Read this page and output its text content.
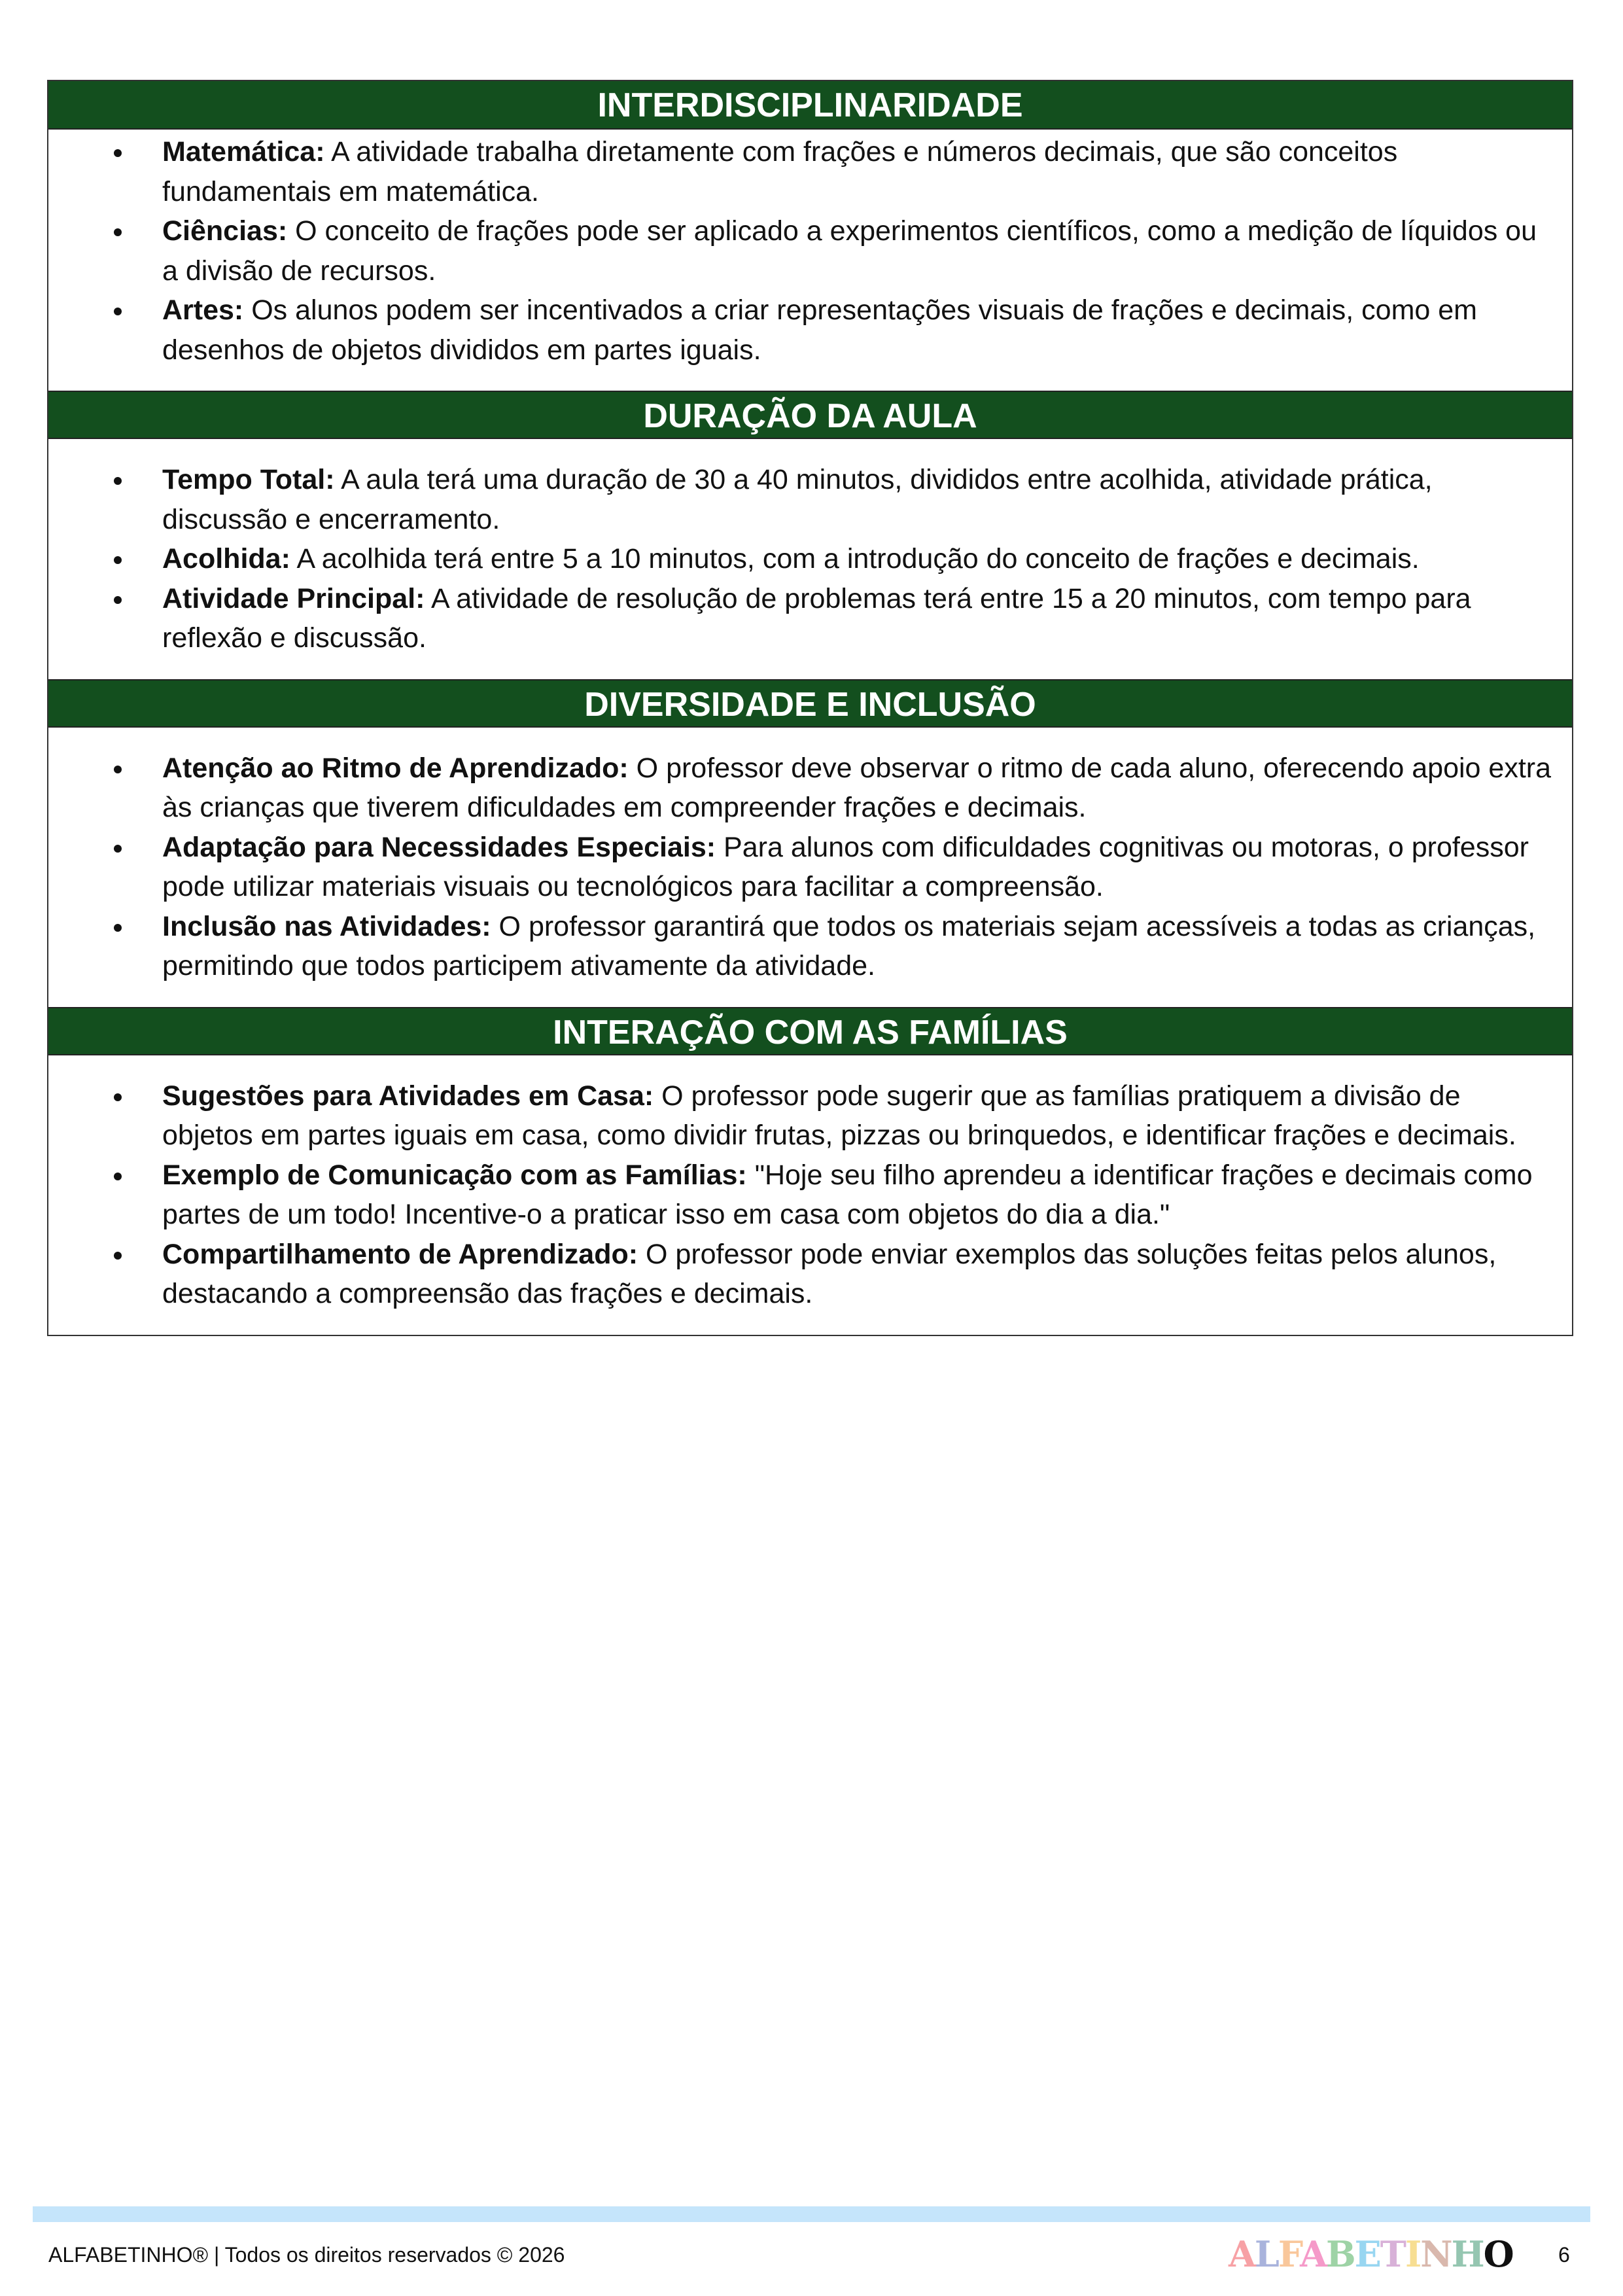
INTERDISCIPLINARIDADE
Matemática: A atividade trabalha diretamente com frações e números decimais, que são conceitos fundamentais em matemática.
Ciências: O conceito de frações pode ser aplicado a experimentos científicos, como a medição de líquidos ou a divisão de recursos.
Artes: Os alunos podem ser incentivados a criar representações visuais de frações e decimais, como em desenhos de objetos divididos em partes iguais.
DURAÇÃO DA AULA
Tempo Total: A aula terá uma duração de 30 a 40 minutos, divididos entre acolhida, atividade prática, discussão e encerramento.
Acolhida: A acolhida terá entre 5 a 10 minutos, com a introdução do conceito de frações e decimais.
Atividade Principal: A atividade de resolução de problemas terá entre 15 a 20 minutos, com tempo para reflexão e discussão.
DIVERSIDADE E INCLUSÃO
Atenção ao Ritmo de Aprendizado: O professor deve observar o ritmo de cada aluno, oferecendo apoio extra às crianças que tiverem dificuldades em compreender frações e decimais.
Adaptação para Necessidades Especiais: Para alunos com dificuldades cognitivas ou motoras, o professor pode utilizar materiais visuais ou tecnológicos para facilitar a compreensão.
Inclusão nas Atividades: O professor garantirá que todos os materiais sejam acessíveis a todas as crianças, permitindo que todos participem ativamente da atividade.
INTERAÇÃO COM AS FAMÍLIAS
Sugestões para Atividades em Casa: O professor pode sugerir que as famílias pratiquem a divisão de objetos em partes iguais em casa, como dividir frutas, pizzas ou brinquedos, e identificar frações e decimais.
Exemplo de Comunicação com as Famílias: "Hoje seu filho aprendeu a identificar frações e decimais como partes de um todo! Incentive-o a praticar isso em casa com objetos do dia a dia."
Compartilhamento de Aprendizado: O professor pode enviar exemplos das soluções feitas pelos alunos, destacando a compreensão das frações e decimais.
ALFABETINHO® | Todos os direitos reservados © 2026	ALFABETINHO 6
